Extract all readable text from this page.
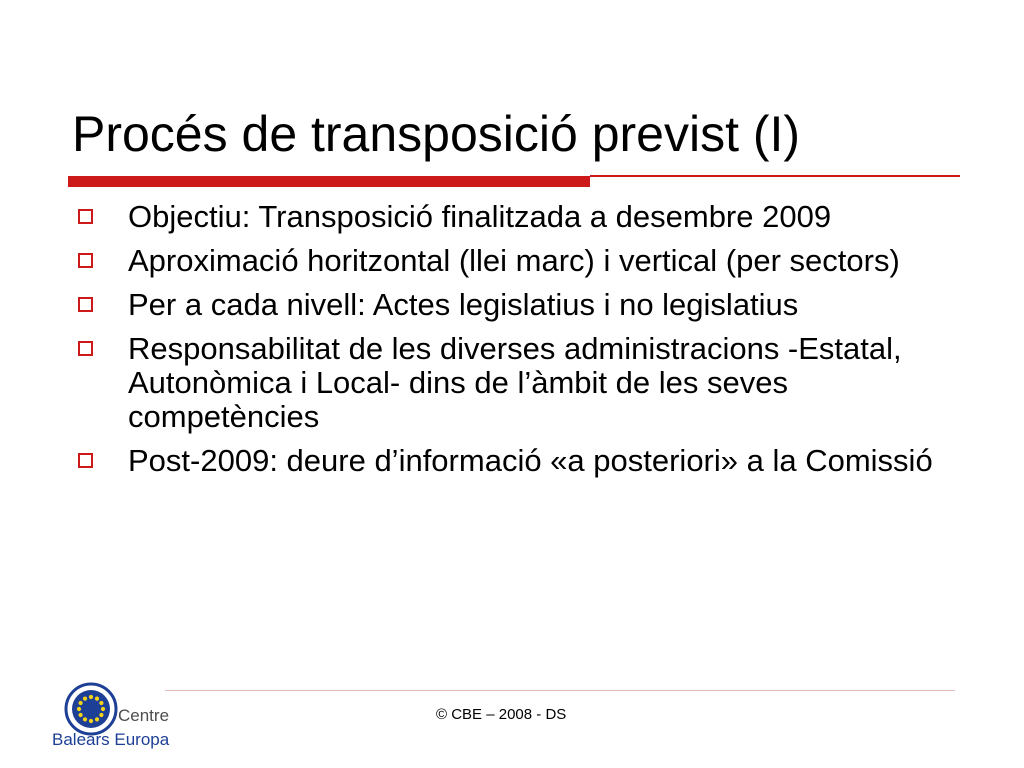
Procés de transposició previst (I)
Objectiu: Transposició finalitzada a desembre 2009
Aproximació horitzontal (llei marc) i vertical (per sectors)
Per a cada nivell: Actes legislatius i no legislatius
Responsabilitat de les diverses administracions -Estatal, Autonòmica i Local- dins de l’àmbit de les seves competències
Post-2009: deure d’informació «a posteriori» a la Comissió
© CBE – 2008 - DS
Centre
Balears Europa
